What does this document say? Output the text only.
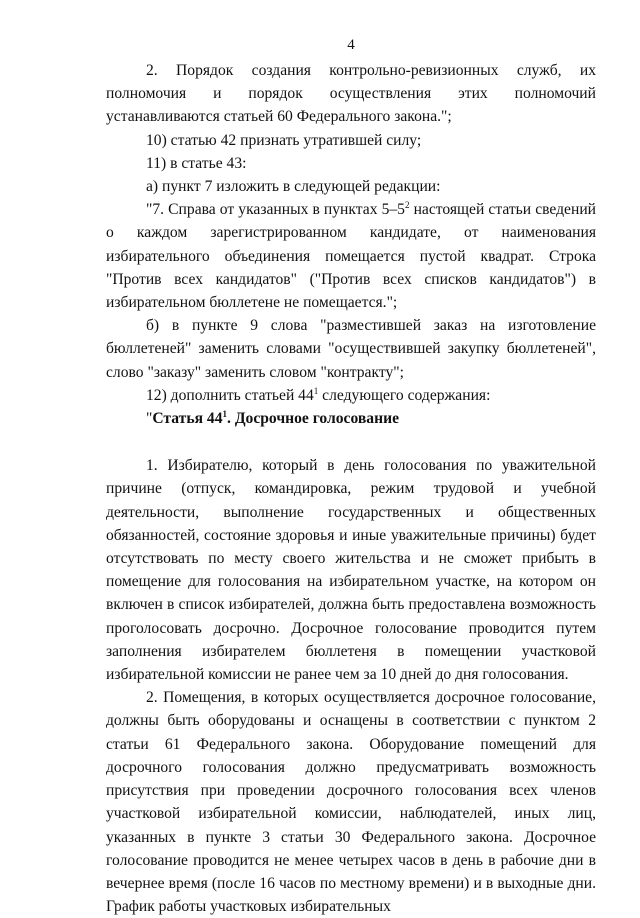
4

2. Порядок создания контрольно-ревизионных служб, их полномочия и порядок осуществления этих полномочий устанавливаются статьей 60 Федерального закона.";

10) статью 42 признать утратившей силу;

11) в статье 43:

а) пункт 7 изложить в следующей редакции:

"7. Справа от указанных в пунктах $5-5^2$ настоящей статьи сведений о каждом зарегистрированном кандидате, от наименования избирательного объединения помещается пустой квадрат. Строка "Против всех кандидатов" ("Против всех списков кандидатов") в избирательном бюллетене не помещается.";

б) в пункте 9 слова "разместившей заказ на изготовление бюллетеней" заменить словами "осуществившей закупку бюллетеней", слово "заказу" заменить словом "контракту";

12) дополнить статьей $44^1$ следующего содержания:

"Статья $44^1$. Досрочное голосование

1. Избирателю, который в день голосования по уважительной причине (отпуск, командировка, режим трудовой и учебной деятельности, выполнение государственных и общественных обязанностей, состояние здоровья и иные уважительные причины) будет отсутствовать по месту своего жительства и не сможет прибыть в помещение для голосования на избирательном участке, на котором он включен в список избирателей, должна быть предоставлена возможность проголосовать досрочно. Досрочное голосование проводится путем заполнения избирателем бюллетеня в помещении участковой избирательной комиссии не ранее чем за 10 дней до дня голосования.

2. Помещения, в которых осуществляется досрочное голосование, должны быть оборудованы и оснащены в соответствии с пунктом 2 статьи 61 Федерального закона. Оборудование помещений для досрочного голосования должно предусматривать возможность присутствия при проведении досрочного голосования всех членов участковой избирательной комиссии, наблюдателей, иных лиц, указанных в пункте 3 статьи 30 Федерального закона. Досрочное голосование проводится не менее четырех часов в день в рабочие дни в вечернее время (после 16 часов по местному времени) и в выходные дни. График работы участковых избирательных
